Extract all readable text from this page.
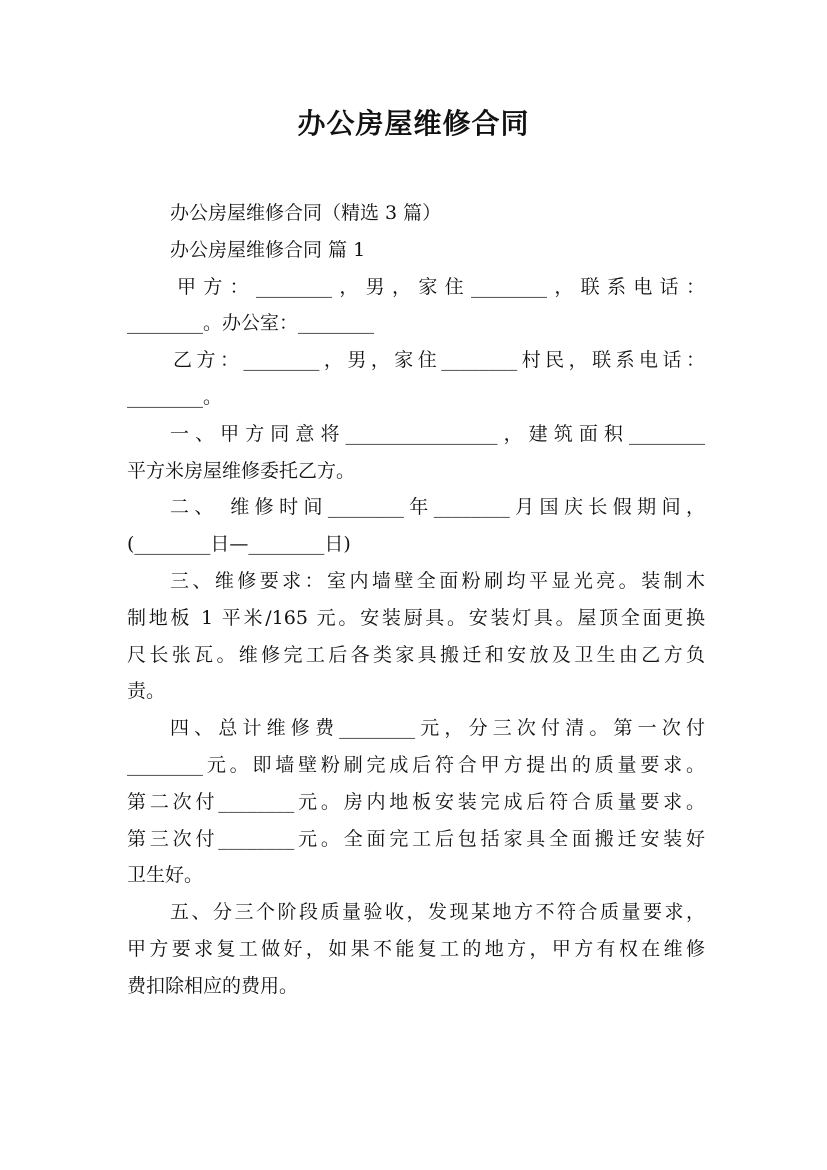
办公房屋维修合同
办公房屋维修合同（精选 3 篇）
办公房屋维修合同 篇 1
甲方：________，男，家住________，联系电话：
________。办公室：________
乙方：________，男，家住________村民，联系电话：
________。
一、甲方同意将________________，建筑面积________
平方米房屋维修委托乙方。
二、 维修时间________年________月国庆长假期间，
(________日—________日)
三、维修要求：室内墙壁全面粉刷均平显光亮。装制木
制地板 1 平米/165 元。安装厨具。安装灯具。屋顶全面更换
尺长张瓦。维修完工后各类家具搬迁和安放及卫生由乙方负
责。
四、总计维修费________元，分三次付清。第一次付
________元。即墙壁粉刷完成后符合甲方提出的质量要求。
第二次付________元。房内地板安装完成后符合质量要求。
第三次付________元。全面完工后包括家具全面搬迁安装好
卫生好。
五、分三个阶段质量验收，发现某地方不符合质量要求，
甲方要求复工做好，如果不能复工的地方，甲方有权在维修
费扣除相应的费用。
